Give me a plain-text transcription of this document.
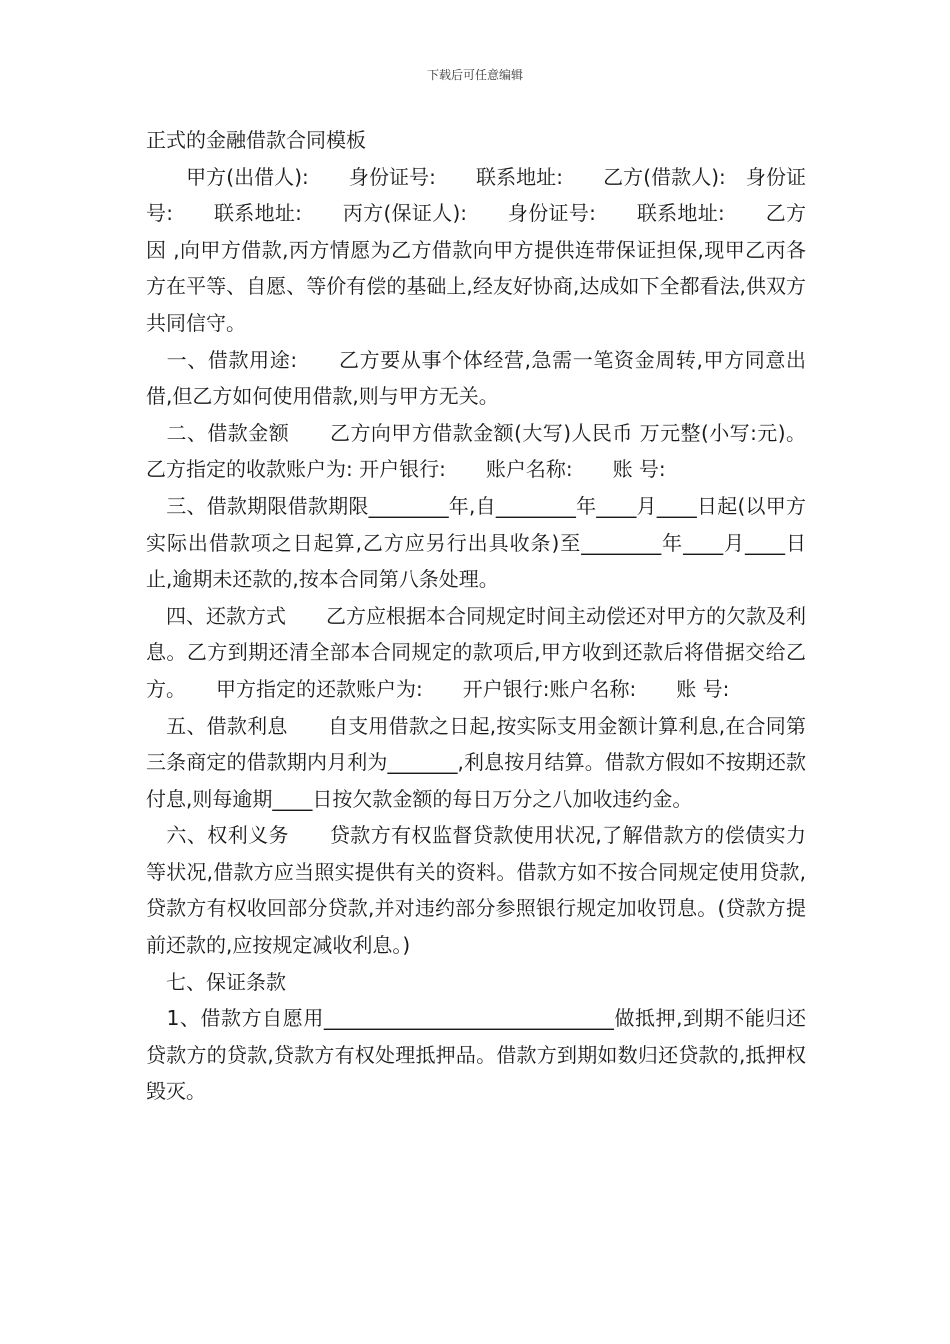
下载后可任意编辑
正式的金融借款合同模板

　　甲方(出借人):　　身份证号:　　联系地址:　　乙方(借款人):　身份证号:　　联系地址:　　丙方(保证人):　　身份证号:　　联系地址:　　乙方因 ,向甲方借款,丙方情愿为乙方借款向甲方提供连带保证担保,现甲乙丙各方在平等、自愿、等价有偿的基础上,经友好协商,达成如下全都看法,供双方共同信守。

　一、借款用途:　　乙方要从事个体经营,急需一笔资金周转,甲方同意出借,但乙方如何使用借款,则与甲方无关。

　二、借款金额　　乙方向甲方借款金额(大写)人民币 万元整(小写:元)。乙方指定的收款账户为: 开户银行:　　账户名称:　　账 号:

　三、借款期限借款期限________年,自________年____月____日起(以甲方实际出借款项之日起算,乙方应另行出具收条)至________年____月____日止,逾期未还款的,按本合同第八条处理。

　四、还款方式　　乙方应根据本合同规定时间主动偿还对甲方的欠款及利息。乙方到期还清全部本合同规定的款项后,甲方收到还款后将借据交给乙方。　　甲方指定的还款账户为:　　开户银行:账户名称:　　账 号:

　五、借款利息　　自支用借款之日起,按实际支用金额计算利息,在合同第三条商定的借款期内月利为_______,利息按月结算。借款方假如不按期还款付息,则每逾期____日按欠款金额的每日万分之八加收违约金。

　六、权利义务　　贷款方有权监督贷款使用状况,了解借款方的偿债实力等状况,借款方应当照实提供有关的资料。借款方如不按合同规定使用贷款,贷款方有权收回部分贷款,并对违约部分参照银行规定加收罚息。(贷款方提前还款的,应按规定减收利息。)

　七、保证条款

　1、借款方自愿用_____________________________做抵押,到期不能归还贷款方的贷款,贷款方有权处理抵押品。借款方到期如数归还贷款的,抵押权毁灭。
